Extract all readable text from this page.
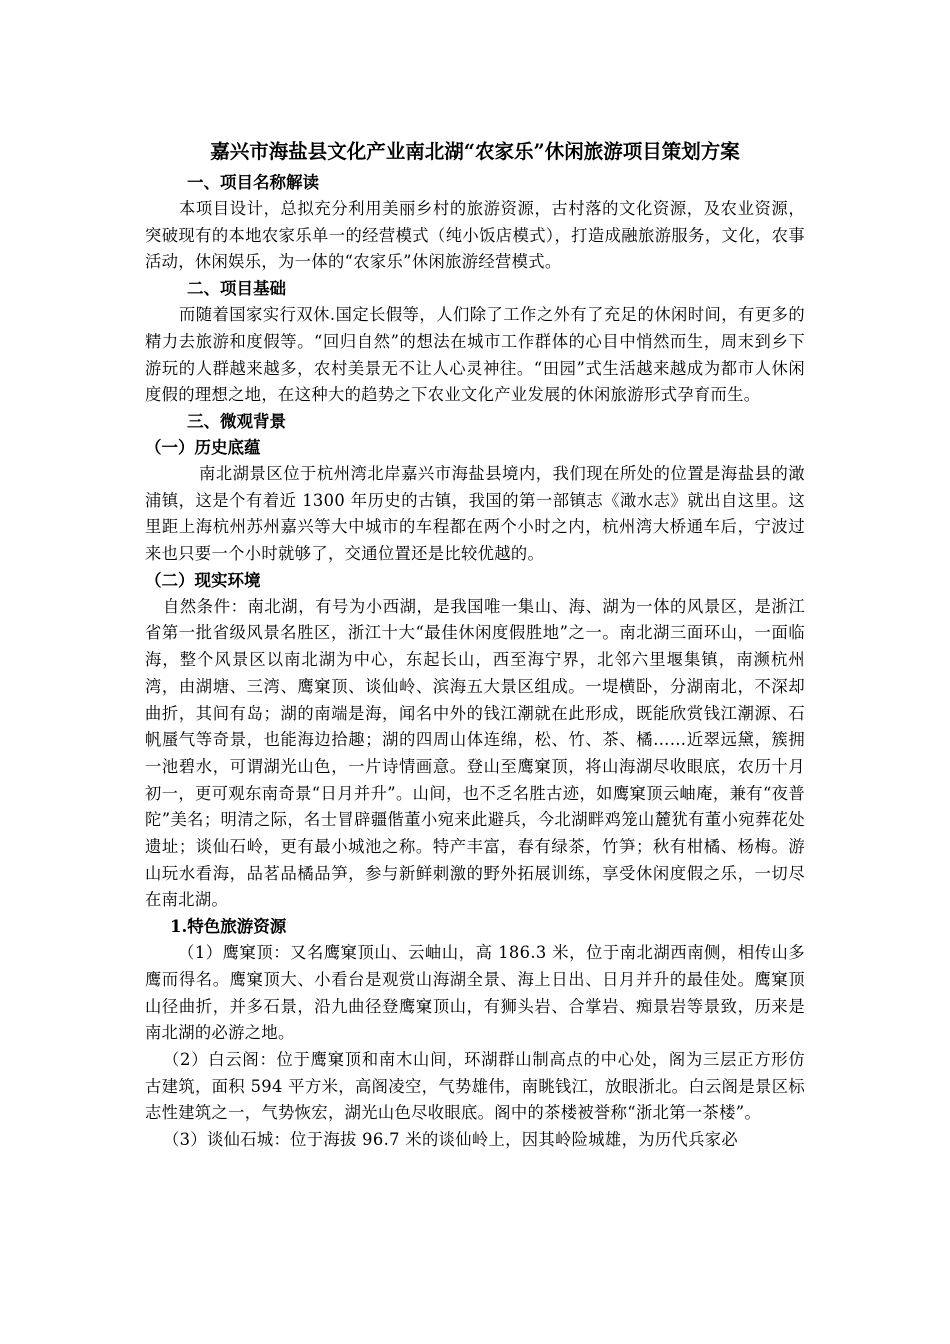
嘉兴市海盐县文化产业南北湖“农家乐”休闲旅游项目策划方案
一、项目名称解读

本项目设计，总拟充分利用美丽乡村的旅游资源，古村落的文化资源，及农业资源，突破现有的本地农家乐单一的经营模式（纯小饭店模式），打造成融旅游服务，文化，农事活动，休闲娱乐，为一体的“农家乐”休闲旅游经营模式。

二、项目基础

而随着国家实行双休.国定长假等，人们除了工作之外有了充足的休闲时间，有更多的精力去旅游和度假等。“回归自然”的想法在城市工作群体的心目中悄然而生，周末到乡下游玩的人群越来越多，农村美景无不让人心灵神往。“田园”式生活越来越成为都市人休闲度假的理想之地，在这种大的趋势之下农业文化产业发展的休闲旅游形式孕育而生。

三、微观背景
（一）历史底蕴

南北湖景区位于杭州湾北岸嘉兴市海盐县境内，我们现在所处的位置是海盐县的澉浦镇，这是个有着近 1300 年历史的古镇，我国的第一部镇志《澉水志》就出自这里。这里距上海杭州苏州嘉兴等大中城市的车程都在两个小时之内，杭州湾大桥通车后，宁波过来也只要一个小时就够了，交通位置还是比较优越的。

（二）现实环境

自然条件：南北湖，有号为小西湖，是我国唯一集山、海、湖为一体的风景区，是浙江省第一批省级风景名胜区，浙江十大“最佳休闲度假胜地”之一。南北湖三面环山，一面临海，整个风景区以南北湖为中心，东起长山，西至海宁界，北邻六里堰集镇，南濒杭州湾，由湖塘、三湾、鹰窠顶、谈仙岭、滨海五大景区组成。一堤横卧，分湖南北，不深却曲折，其间有岛；湖的南端是海，闻名中外的钱江潮就在此形成，既能欣赏钱江潮源、石帆蜃气等奇景，也能海边拾趣；湖的四周山体连绵，松、竹、茶、橘……近翠远黛，簇拥一池碧水，可谓湖光山色，一片诗情画意。登山至鹰窠顶，将山海湖尽收眼底，农历十月初一，更可观东南奇景“日月并升”。山间，也不乏名胜古迹，如鹰窠顶云岫庵，兼有“夜普陀”美名；明清之际，名士冒辟疆偕董小宛来此避兵，今北湖畔鸡笼山麓犹有董小宛葬花处遗址；谈仙石岭，更有最小城池之称。特产丰富，春有绿茶，竹笋；秋有柑橘、杨梅。游山玩水看海，品茗品橘品笋，参与新鲜刺激的野外拓展训练，享受休闲度假之乐，一切尽在南北湖。

1.特色旅游资源

（1）鹰窠顶：又名鹰窠顶山、云岫山，高 186.3 米，位于南北湖西南侧，相传山多鹰而得名。鹰窠顶大、小看台是观赏山海湖全景、海上日出、日月并升的最佳处。鹰窠顶山径曲折，并多石景，沿九曲径登鹰窠顶山，有狮头岩、合掌岩、痴景岩等景致，历来是南北湖的必游之地。

（2）白云阁：位于鹰窠顶和南木山间，环湖群山制高点的中心处，阁为三层正方形仿古建筑，面积 594 平方米，高阁凌空，气势雄伟，南眺钱江，放眼浙北。白云阁是景区标志性建筑之一，气势恢宏，湖光山色尽收眼底。阁中的茶楼被誉称“浙北第一茶楼”。

（3）谈仙石城：位于海拔 96.7 米的谈仙岭上，因其岭险城雄，为历代兵家必
